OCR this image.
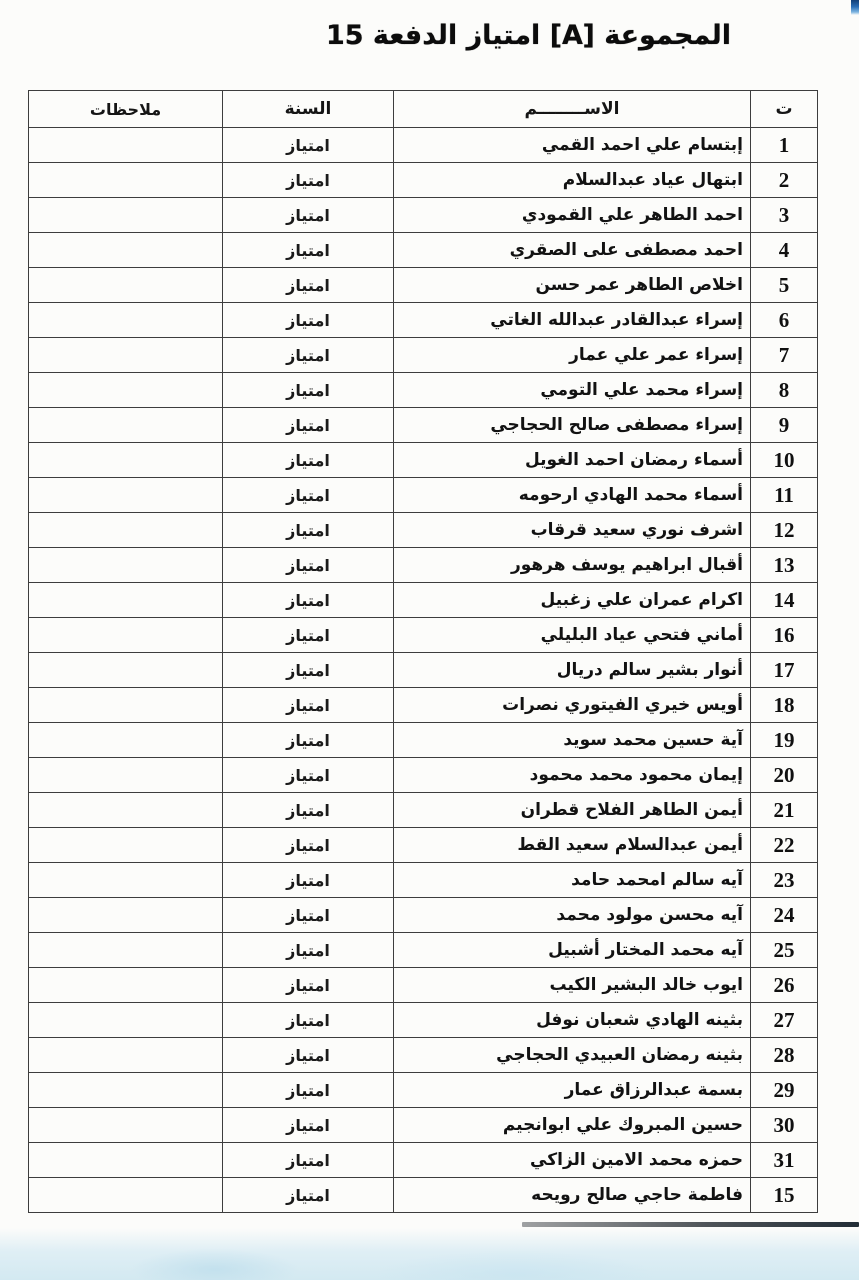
المجموعة [A] امتياز الدفعة 15
ت	الاســــــــم	السنة	ملاحظات
1	إبتسام علي احمد القمي	امتياز	
2	ابتهال عياد عبدالسلام	امتياز	
3	احمد الطاهر علي القمودي	امتياز	
4	احمد مصطفى على الصقري	امتياز	
5	اخلاص الطاهر عمر حسن	امتياز	
6	إسراء عبدالقادر عبدالله الغاتي	امتياز	
7	إسراء عمر علي عمار	امتياز	
8	إسراء محمد علي التومي	امتياز	
9	إسراء مصطفى صالح الحجاجي	امتياز	
10	أسماء رمضان احمد الغويل	امتياز	
11	أسماء محمد الهادي ارحومه	امتياز	
12	اشرف نوري سعيد قرقاب	امتياز	
13	أقبال ابراهيم يوسف هرهور	امتياز	
14	اكرام عمران علي زغبيل	امتياز	
16	أماني فتحي عياد البليلي	امتياز	
17	أنوار بشير سالم دريال	امتياز	
18	أويس خيري الفيتوري نصرات	امتياز	
19	آية حسين محمد سويد	امتياز	
20	إيمان محمود محمد محمود	امتياز	
21	أيمن الطاهر الفلاح قطران	امتياز	
22	أيمن عبدالسلام سعيد القط	امتياز	
23	آيه سالم امحمد حامد	امتياز	
24	آيه محسن مولود محمد	امتياز	
25	آيه محمد المختار أشبيل	امتياز	
26	ايوب خالد البشير الكيب	امتياز	
27	بثينه الهادي شعبان نوفل	امتياز	
28	بثينه رمضان العبيدي الحجاجي	امتياز	
29	بسمة عبدالرزاق عمار	امتياز	
30	حسين المبروك علي ابوانجيم	امتياز	
31	حمزه محمد الامين الزاكي	امتياز	
15	فاطمة حاجي صالح رويحه	امتياز	
